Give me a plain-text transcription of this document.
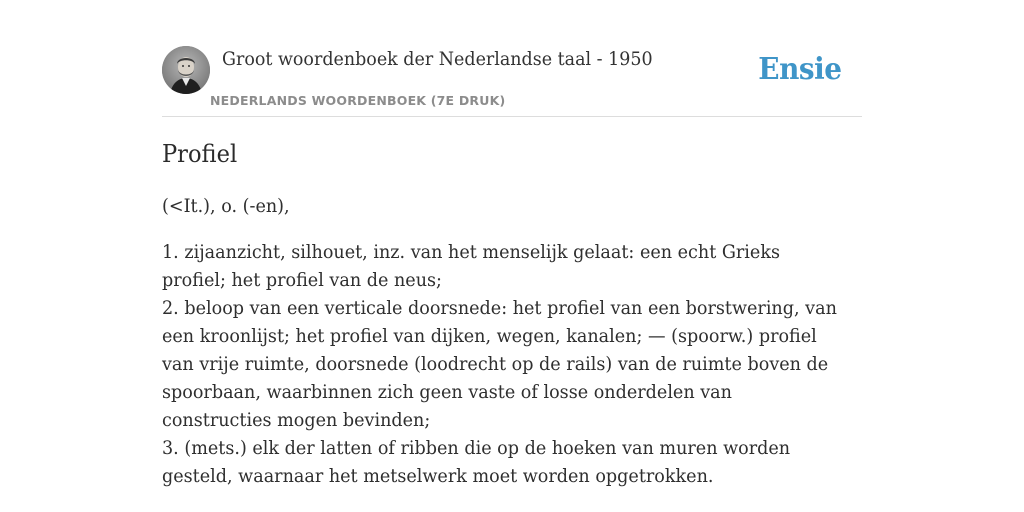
Groot woordenboek der Nederlandse taal - 1950
NEDERLANDS WOORDENBOEK (7E DRUK)
Ensie
Profiel

(<It.), o. (-en),

1. zijaanzicht, silhouet, inz. van het menselijk gelaat: een echt Grieks profiel; het profiel van de neus;

2. beloop van een verticale doorsnede: het profiel van een borstwering, van een kroonlijst; het profiel van dijken, wegen, kanalen; — (spoorw.) profiel van vrije ruimte, doorsnede (loodrecht op de rails) van de ruimte boven de spoorbaan, waarbinnen zich geen vaste of losse onderdelen van constructies mogen bevinden;

3. (mets.) elk der latten of ribben die op de hoeken van muren worden gesteld, waarnaar het metselwerk moet worden opgetrokken.
